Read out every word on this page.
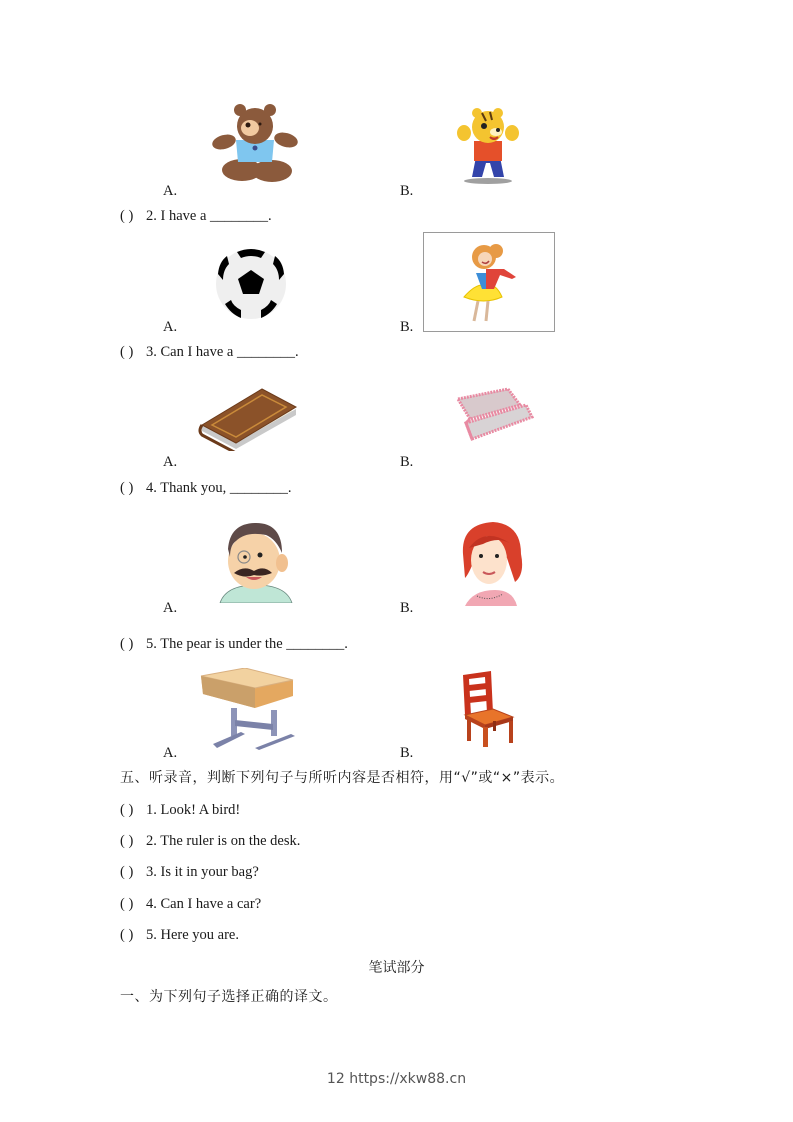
A.	B.
( ) 2. I have a ________.
A.	B.
( ) 3. Can I have a ________.
A.	B.
( ) 4. Thank you, ________.
A.	B.
( ) 5. The pear is under the ________.
A.	B.
五、听录音，判断下列句子与所听内容是否相符，用“√”或“×”表示。
( ) 1. Look! A bird!
( ) 2. The ruler is on the desk.
( ) 3. Is it in your bag?
( ) 4. Can I have a car?
( ) 5. Here you are.
笔试部分
一、为下列句子选择正确的译文。
12 https://xkw88.cn
